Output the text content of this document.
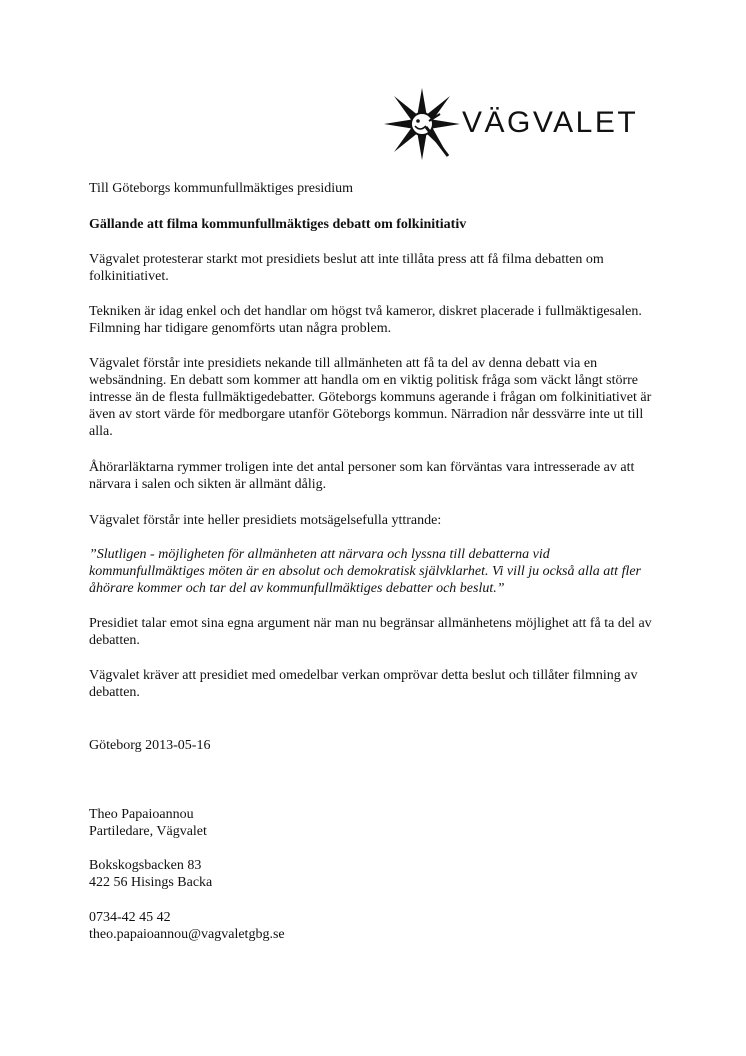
VÄGVALET
Till Göteborgs kommunfullmäktiges presidium
Gällande att filma kommunfullmäktiges debatt om folkinitiativ
Vägvalet protesterar starkt mot presidiets beslut att inte tillåta press att få filma debatten om folkinitiativet.
Tekniken är idag enkel och det handlar om högst två kameror, diskret placerade i fullmäktigesalen. Filmning har tidigare genomförts utan några problem.
Vägvalet förstår inte presidiets nekande till allmänheten att få ta del av denna debatt via en websändning. En debatt som kommer att handla om en viktig politisk fråga som väckt långt större intresse än de flesta fullmäktigedebatter. Göteborgs kommuns agerande i frågan om folkinitiativet är även av stort värde för medborgare utanför Göteborgs kommun. Närradion når dessvärre inte ut till alla.
Åhörarläktarna rymmer troligen inte det antal personer som kan förväntas vara intresserade av att närvara i salen och sikten är allmänt dålig.
Vägvalet förstår inte heller presidiets motsägelsefulla yttrande:
”Slutligen - möjligheten för allmänheten att närvara och lyssna till debatterna vid kommunfullmäktiges möten är en absolut och demokratisk självklarhet. Vi vill ju också alla att fler åhörare kommer och tar del av kommunfullmäktiges debatter och beslut.”
Presidiet talar emot sina egna argument när man nu begränsar allmänhetens möjlighet att få ta del av debatten.
Vägvalet kräver att presidiet med omedelbar verkan omprövar detta beslut och tillåter filmning av debatten.
Göteborg 2013-05-16
Theo Papaioannou
Partiledare, Vägvalet
Bokskogsbacken 83
422 56 Hisings Backa
0734-42 45 42
theo.papaioannou@vagvaletgbg.se
